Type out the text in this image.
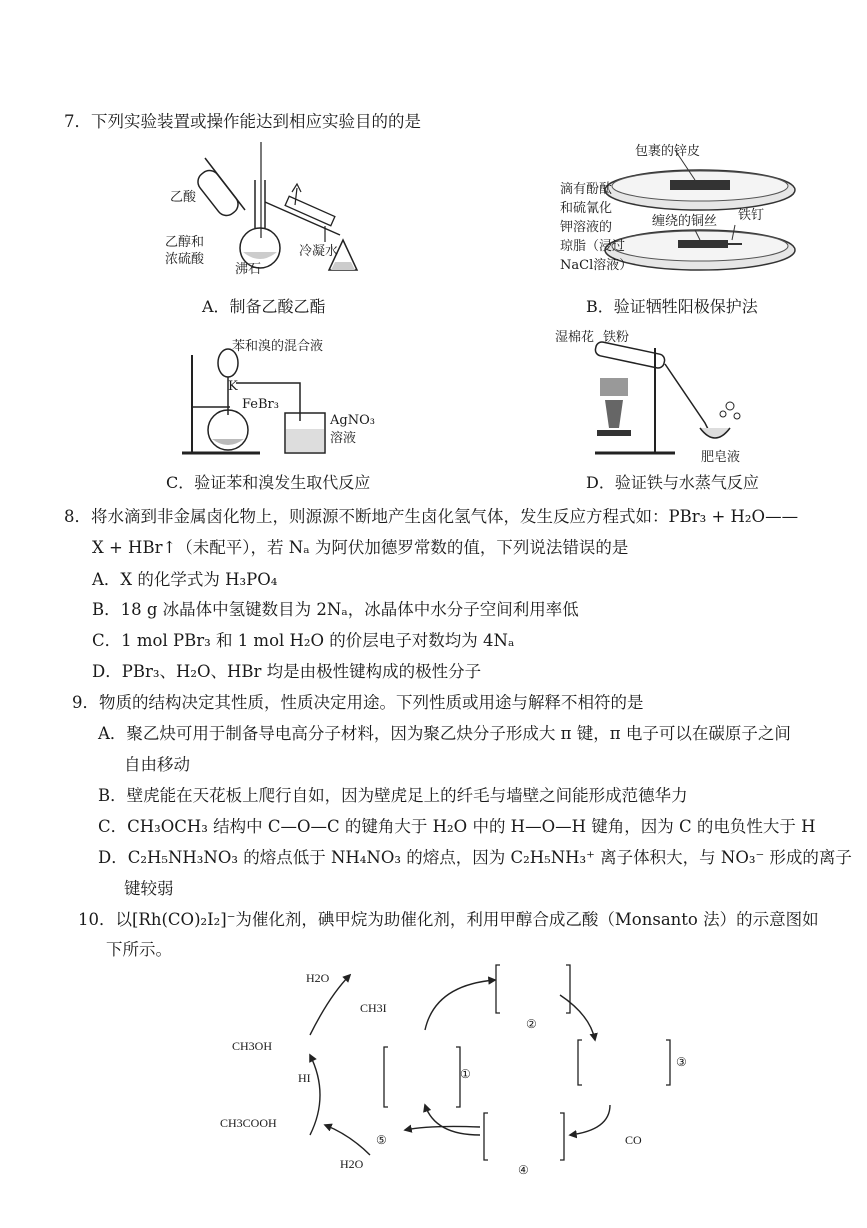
7．下列实验装置或操作能达到相应实验目的的是
乙酸
乙醇和
浓硫酸
沸石
冷凝水
A．制备乙酸乙酯
包裹的锌皮
滴有酚酞
和硫氰化
钾溶液的
琼脂（浸过
NaCl溶液）
缠绕的铜丝 铁钉
B．验证牺牲阳极保护法
苯和溴的混合液
K
FeBr₃
AgNO₃
溶液
C．验证苯和溴发生取代反应
湿棉花 铁粉
肥皂液
D．验证铁与水蒸气反应
8．将水滴到非金属卤化物上，则源源不断地产生卤化氢气体，发生反应方程式如：PBr₃ + H₂O——
X + HBr↑（未配平），若 Nₐ 为阿伏加德罗常数的值，下列说法错误的是
A．X 的化学式为 H₃PO₄
B．18 g 冰晶体中氢键数目为 2Nₐ，冰晶体中水分子空间利用率低
C．1 mol PBr₃ 和 1 mol H₂O 的价层电子对数均为 4Nₐ
D．PBr₃、H₂O、HBr 均是由极性键构成的极性分子
9．物质的结构决定其性质，性质决定用途。下列性质或用途与解释不相符的是
A．聚乙炔可用于制备导电高分子材料，因为聚乙炔分子形成大 π 键，π 电子可以在碳原子之间
自由移动
B．壁虎能在天花板上爬行自如，因为壁虎足上的纤毛与墙壁之间能形成范德华力
C．CH₃OCH₃ 结构中 C—O—C 的键角大于 H₂O 中的 H—O—H 键角，因为 C 的电负性大于 H
D．C₂H₅NH₃NO₃ 的熔点低于 NH₄NO₃ 的熔点，因为 C₂H₅NH₃⁺ 离子体积大，与 NO₃⁻ 形成的离子
键较弱
10．以[Rh(CO)₂I₂]⁻为催化剂，碘甲烷为助催化剂，利用甲醇合成乙酸（Monsanto 法）的示意图如
下所示。
H2O
CH3I
CH3OH
HI
CH3COOH
H2O
CO
①
②
③
④
⑤
